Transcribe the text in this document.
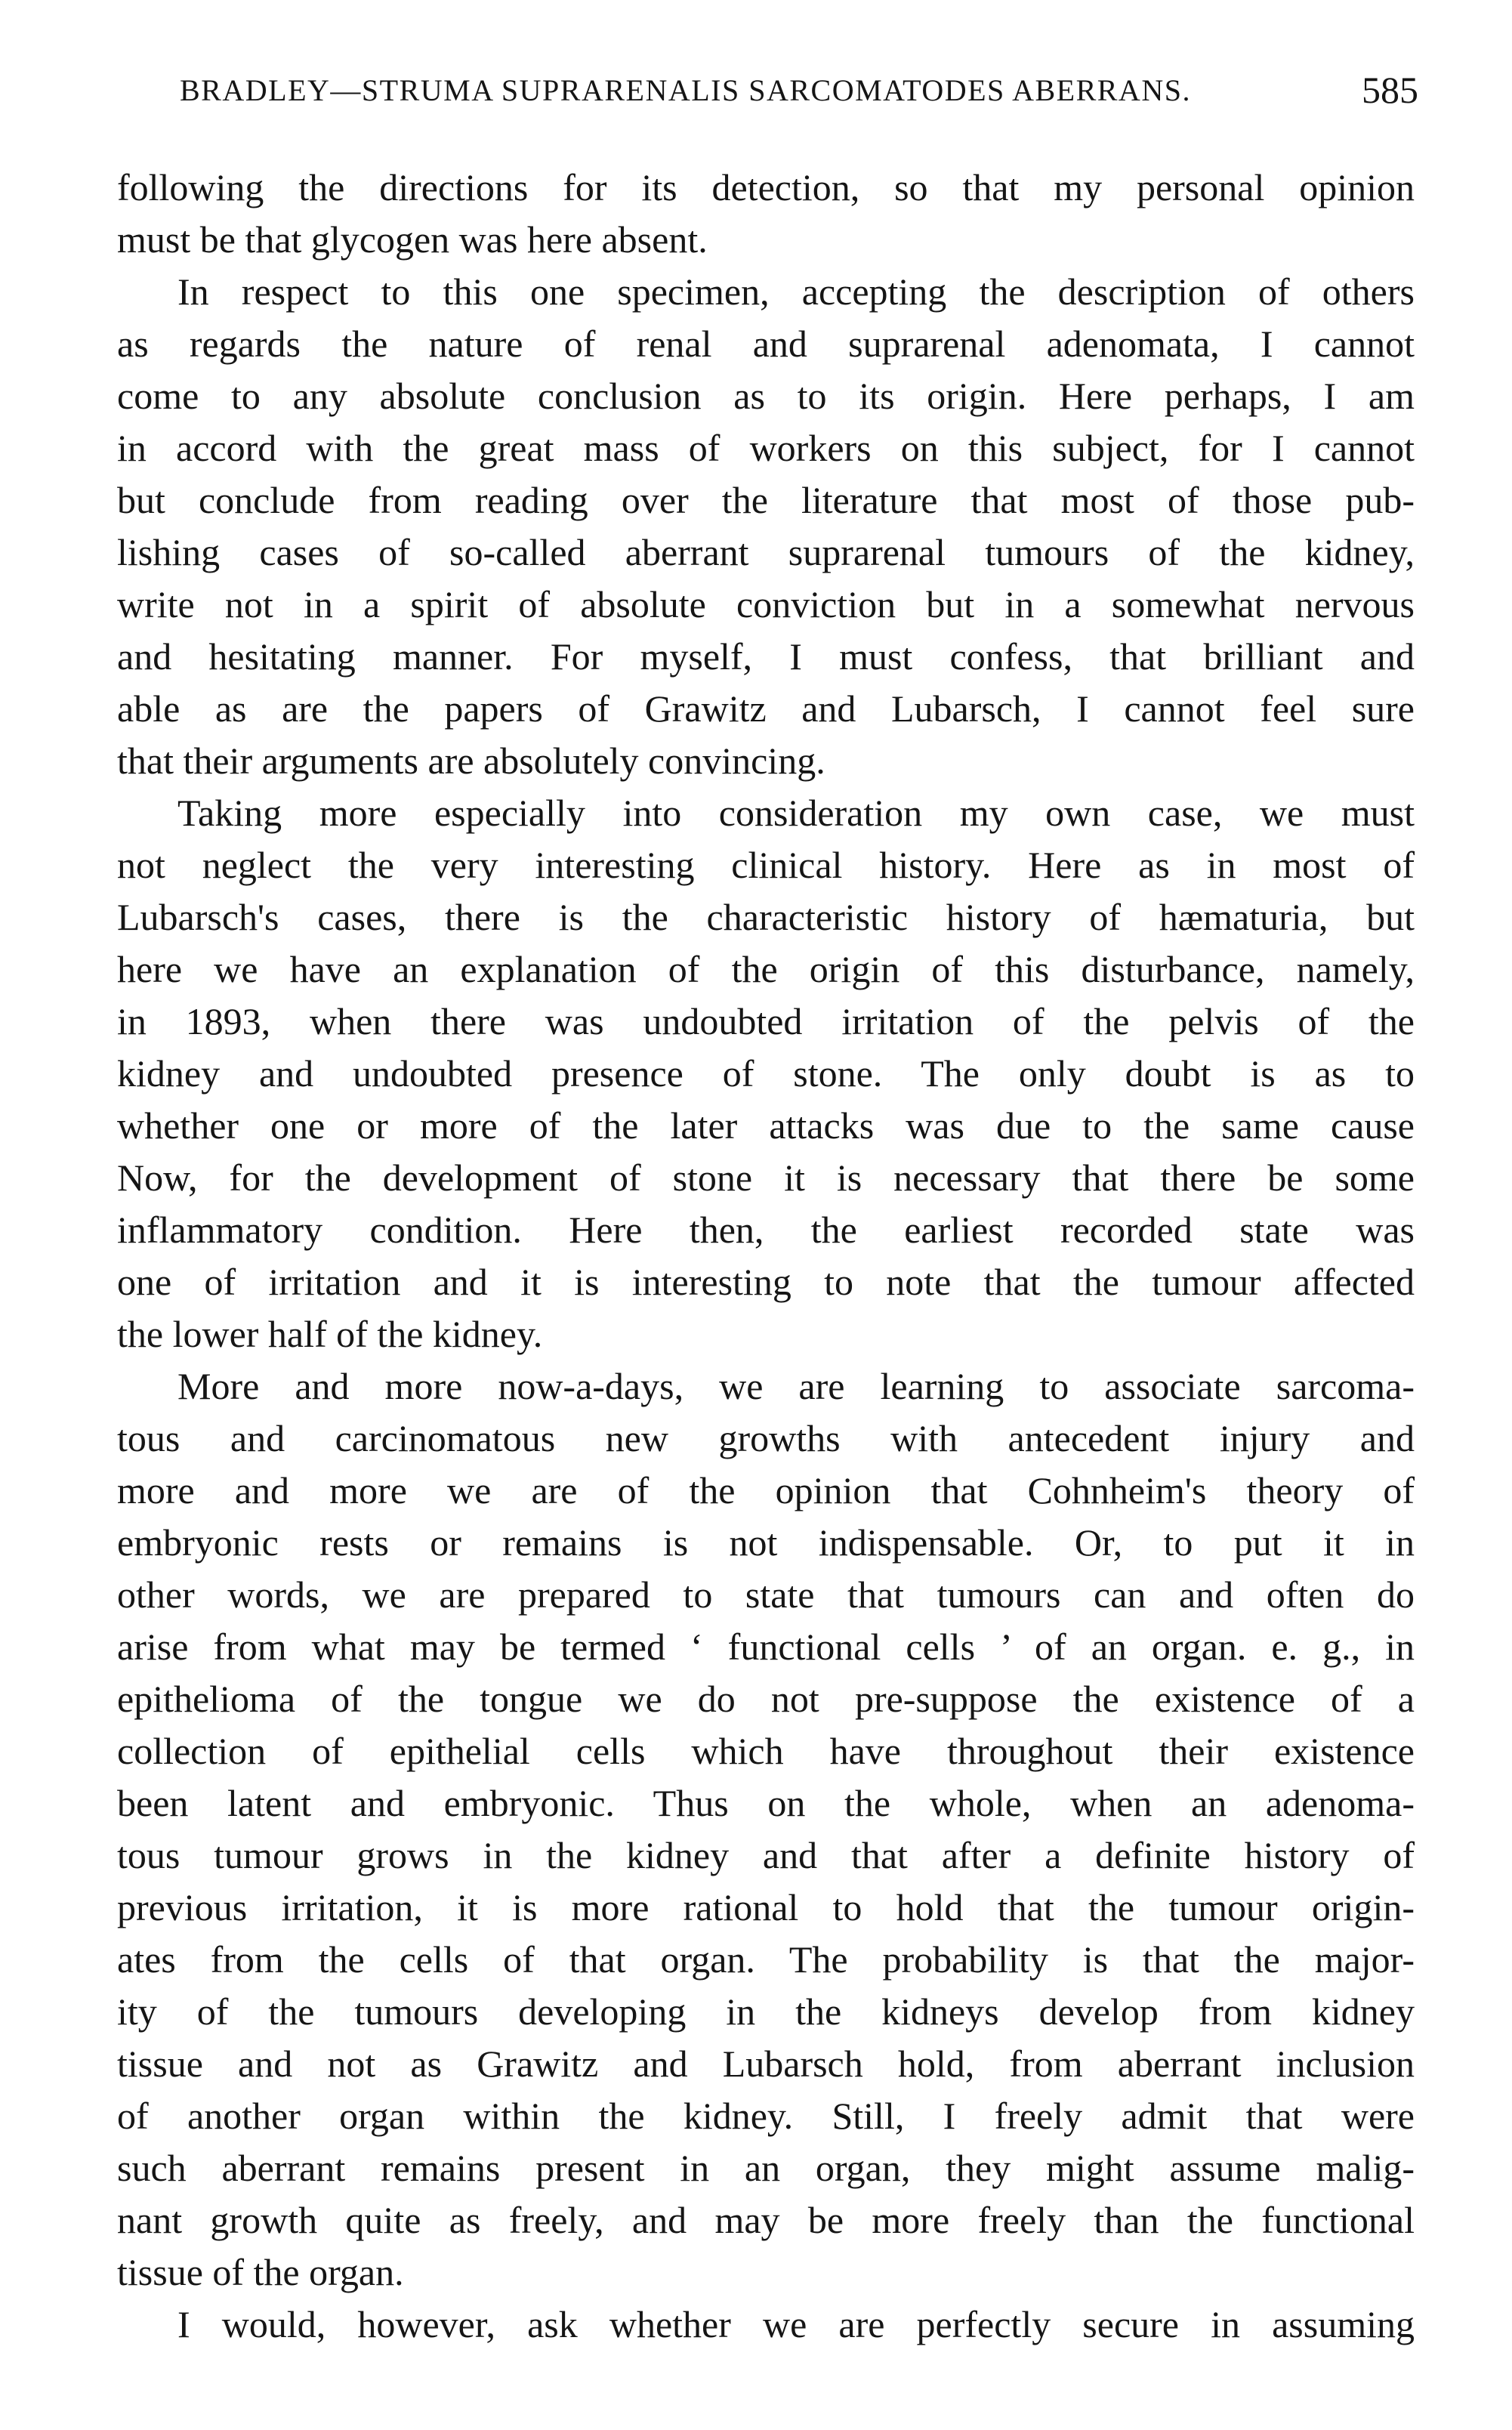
BRADLEY—STRUMA SUPRARENALIS SARCOMATODES ABERRANS.	585
following the directions for its detection, so that my personal opinion
must be that glycogen was here absent.
In respect to this one specimen, accepting the description of others
as regards the nature of renal and suprarenal adenomata, I cannot
come to any absolute conclusion as to its origin. Here perhaps, I am
in accord with the great mass of workers on this subject, for I cannot
but conclude from reading over the literature that most of those pub-
lishing cases of so-called aberrant suprarenal tumours of the kidney,
write not in a spirit of absolute conviction but in a somewhat nervous
and hesitating manner. For myself, I must confess, that brilliant and
able as are the papers of Grawitz and Lubarsch, I cannot feel sure
that their arguments are absolutely convincing.
Taking more especially into consideration my own case, we must
not neglect the very interesting clinical history. Here as in most of
Lubarsch's cases, there is the characteristic history of hæmaturia, but
here we have an explanation of the origin of this disturbance, namely,
in 1893, when there was undoubted irritation of the pelvis of the
kidney and undoubted presence of stone. The only doubt is as to
whether one or more of the later attacks was due to the same cause
Now, for the development of stone it is necessary that there be some
inflammatory condition. Here then, the earliest recorded state was
one of irritation and it is interesting to note that the tumour affected
the lower half of the kidney.
More and more now-a-days, we are learning to associate sarcoma-
tous and carcinomatous new growths with antecedent injury and
more and more we are of the opinion that Cohnheim's theory of
embryonic rests or remains is not indispensable. Or, to put it in
other words, we are prepared to state that tumours can and often do
arise from what may be termed ‘ functional cells ’ of an organ. e. g., in
epithelioma of the tongue we do not pre-suppose the existence of a
collection of epithelial cells which have throughout their existence
been latent and embryonic. Thus on the whole, when an adenoma-
tous tumour grows in the kidney and that after a definite history of
previous irritation, it is more rational to hold that the tumour origin-
ates from the cells of that organ. The probability is that the major-
ity of the tumours developing in the kidneys develop from kidney
tissue and not as Grawitz and Lubarsch hold, from aberrant inclusion
of another organ within the kidney. Still, I freely admit that were
such aberrant remains present in an organ, they might assume malig-
nant growth quite as freely, and may be more freely than the functional
tissue of the organ.
I would, however, ask whether we are perfectly secure in assuming
